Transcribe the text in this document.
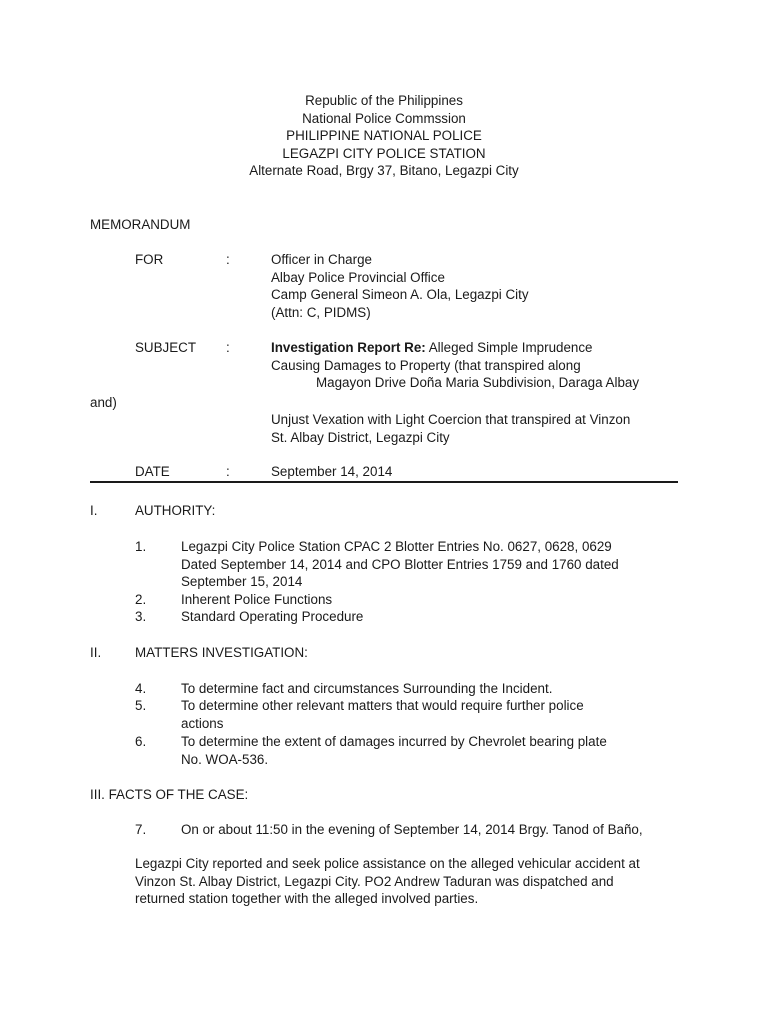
Republic of the Philippines
National Police Commssion
PHILIPPINE NATIONAL POLICE
LEGAZPI CITY POLICE STATION
Alternate Road, Brgy 37, Bitano, Legazpi City
MEMORANDUM
FOR	:	Officer in Charge
Albay Police Provincial Office
Camp General Simeon A. Ola, Legazpi City
(Attn: C, PIDMS)
SUBJECT :	Investigation Report Re: Alleged Simple Imprudence
Causing Damages to Property (that transpired along
Magayon Drive Doña Maria Subdivision, Daraga Albay
and)
Unjust Vexation with Light Coercion that transpired at Vinzon
St. Albay District, Legazpi City
DATE	:	September 14, 2014
I.	AUTHORITY:
1.	Legazpi City Police Station CPAC 2 Blotter Entries No. 0627, 0628, 0629
Dated September 14, 2014 and CPO Blotter Entries 1759 and 1760 dated
September 15, 2014
2.	Inherent Police Functions
3.	Standard Operating Procedure
II.	MATTERS INVESTIGATION:
4.	To determine fact and circumstances Surrounding the Incident.
5.	To determine other relevant matters that would require further police
actions
6.	To determine the extent of damages incurred by Chevrolet bearing plate
No. WOA-536.
III. FACTS OF THE CASE:
7.	On or about 11:50 in the evening of September 14, 2014 Brgy. Tanod of Baño,
Legazpi City reported and seek police assistance on the alleged vehicular accident at
Vinzon St. Albay District, Legazpi City. PO2 Andrew Taduran was dispatched and
returned station together with the alleged involved parties.
